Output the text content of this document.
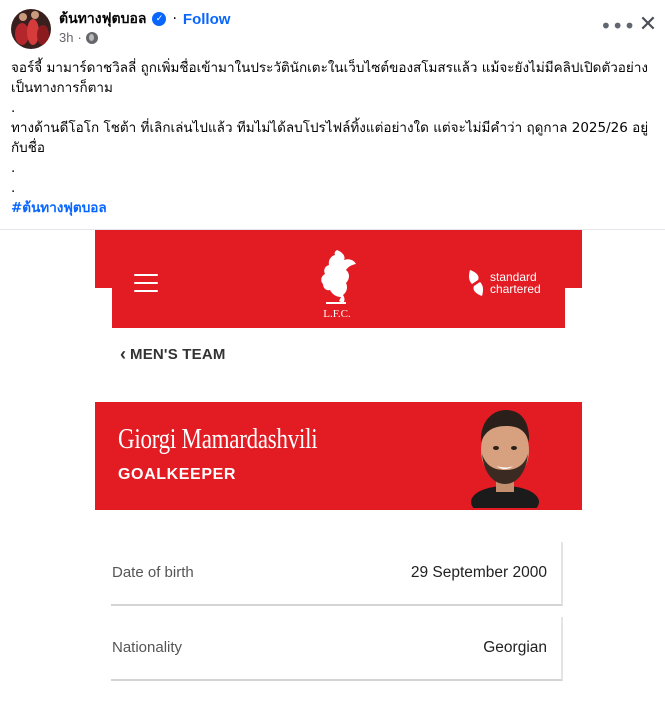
ต้นทางฟุตบอล	✓ · Follow
3h ·	••• ✕

จอร์จี้ มามาร์ดาชวิลลี่ ถูกเพิ่มชื่อเข้ามาในประวัตินักเตะในเว็บไซต์ของสโมสรแล้ว แม้จะยังไม่มีคลิปเปิดตัวอย่างเป็นทางการก็ตาม

.

ทางด้านดีโอโก โชต้า ที่เลิกเล่นไปแล้ว ทีมไม่ได้ลบโปรไฟล์ทิ้งแต่อย่างใด แต่จะไม่มีคำว่า ฤดูกาล 2025/26 อยู่กับชื่อ

.

.

#ต้นทางฟุตบอล

L.F.C.
standard
chartered
‹ MEN'S TEAM
Giorgi Mamardashvili
GOALKEEPER
Date of birth	29 September 2000
Nationality	Georgian
